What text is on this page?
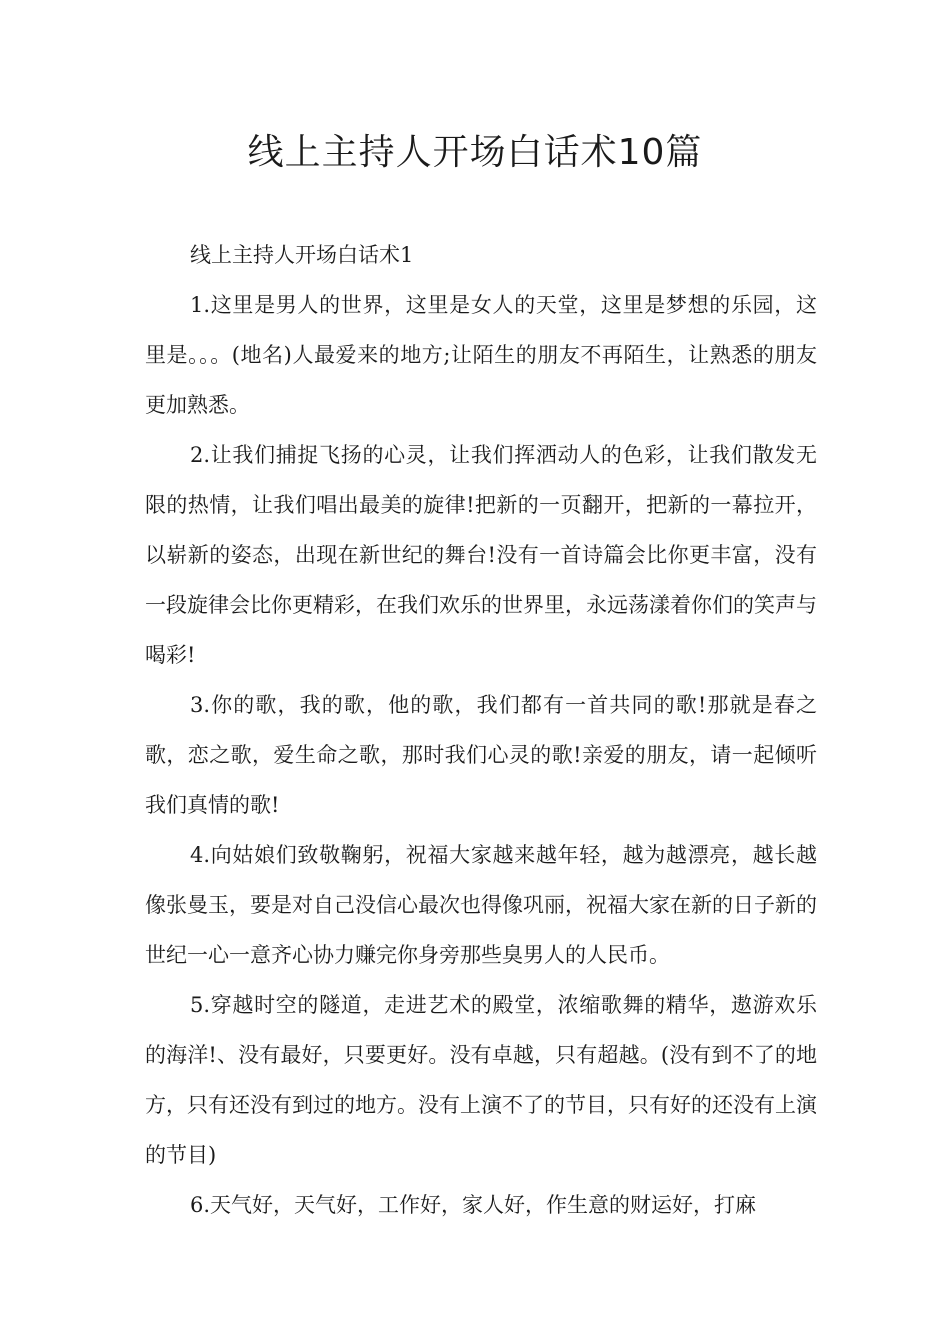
线上主持人开场白话术10篇

线上主持人开场白话术1

1.这里是男人的世界，这里是女人的天堂，这里是梦想的乐园，这里是。。。(地名)人最爱来的地方;让陌生的朋友不再陌生，让熟悉的朋友更加熟悉。

2.让我们捕捉飞扬的心灵，让我们挥洒动人的色彩，让我们散发无限的热情，让我们唱出最美的旋律!把新的一页翻开，把新的一幕拉开，以崭新的姿态，出现在新世纪的舞台!没有一首诗篇会比你更丰富，没有一段旋律会比你更精彩，在我们欢乐的世界里，永远荡漾着你们的笑声与喝彩!

3.你的歌，我的歌，他的歌，我们都有一首共同的歌!那就是春之歌，恋之歌，爱生命之歌，那时我们心灵的歌!亲爱的朋友，请一起倾听我们真情的歌!

4.向姑娘们致敬鞠躬，祝福大家越来越年轻，越为越漂亮，越长越像张曼玉，要是对自己没信心最次也得像巩丽，祝福大家在新的日子新的世纪一心一意齐心协力赚完你身旁那些臭男人的人民币。

5.穿越时空的隧道，走进艺术的殿堂，浓缩歌舞的精华，遨游欢乐的海洋!、没有最好，只要更好。没有卓越，只有超越。(没有到不了的地方，只有还没有到过的地方。没有上演不了的节目，只有好的还没有上演的节目)

6.天气好，天气好，工作好，家人好，作生意的财运好，打麻
